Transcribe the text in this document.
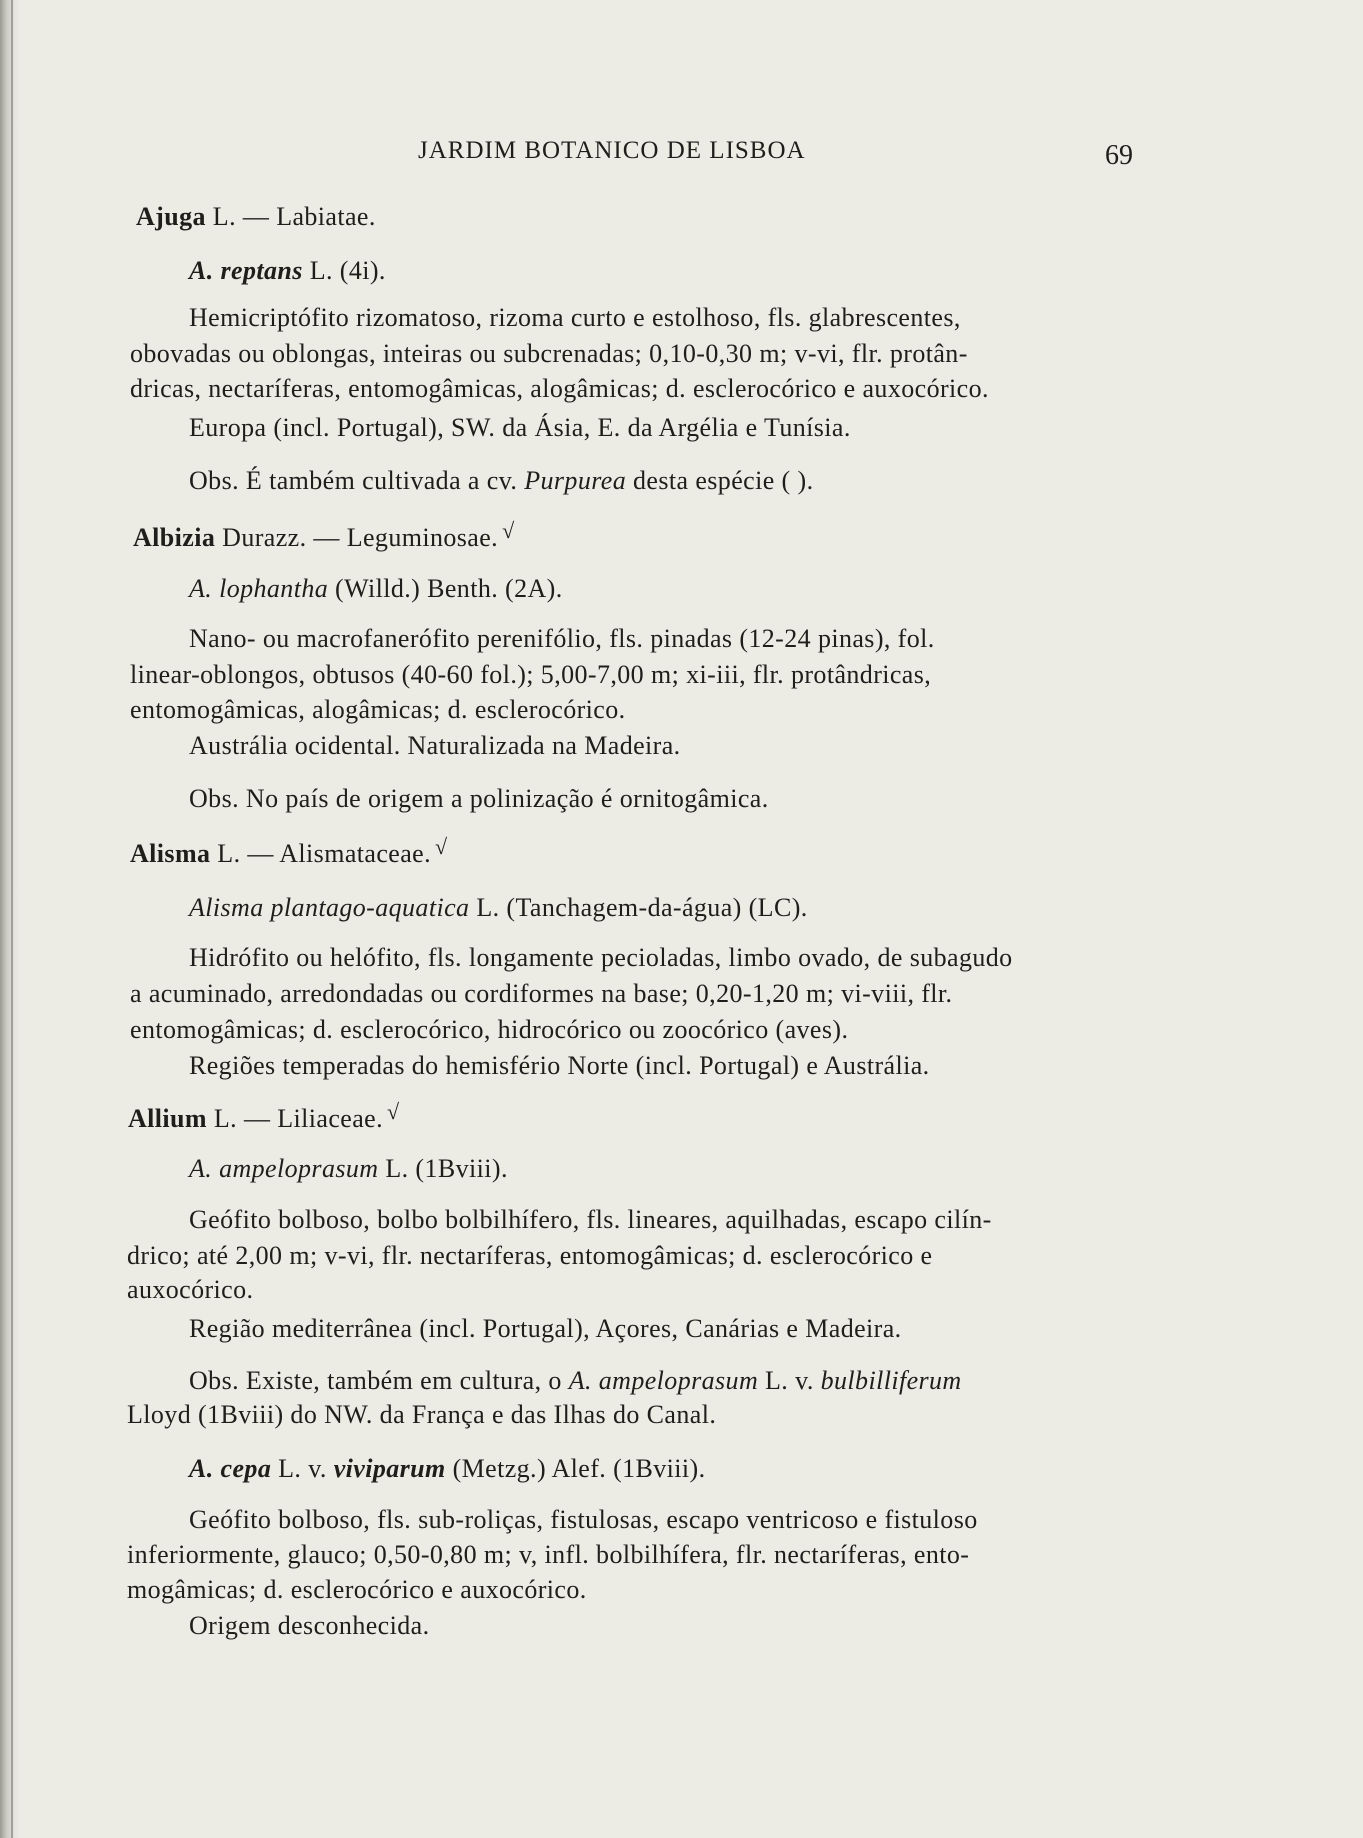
JARDIM BOTANICO DE LISBOA	69
Ajuga L. — Labiatae.
A. reptans L. (4i).
Hemicriptófito rizomatoso, rizoma curto e estolhoso, fls. glabrescentes,
obovadas ou oblongas, inteiras ou subcrenadas; 0,10-0,30 m; v-vi, flr. protân-
dricas, nectaríferas, entomogâmicas, alogâmicas; d. esclerocórico e auxocórico.
Europa (incl. Portugal), SW. da Ásia, E. da Argélia e Tunísia.
Obs. É também cultivada a cv. Purpurea desta espécie ( ).
Albizia Durazz. — Leguminosae. √
A. lophantha (Willd.) Benth. (2A).
Nano- ou macrofanerófito perenifólio, fls. pinadas (12-24 pinas), fol.
linear-oblongos, obtusos (40-60 fol.); 5,00-7,00 m; xi-iii, flr. protândricas,
entomogâmicas, alogâmicas; d. esclerocórico.
Austrália ocidental. Naturalizada na Madeira.
Obs. No país de origem a polinização é ornitogâmica.
Alisma L. — Alismataceae. √
Alisma plantago-aquatica L. (Tanchagem-da-água) (LC).
Hidrófito ou helófito, fls. longamente pecioladas, limbo ovado, de subagudo
a acuminado, arredondadas ou cordiformes na base; 0,20-1,20 m; vi-viii, flr.
entomogâmicas; d. esclerocórico, hidrocórico ou zoocórico (aves).
Regiões temperadas do hemisfério Norte (incl. Portugal) e Austrália.
Allium L. — Liliaceae. √
A. ampeloprasum L. (1Bviii).
Geófito bolboso, bolbo bolbilhífero, fls. lineares, aquilhadas, escapo cilín-
drico; até 2,00 m; v-vi, flr. nectaríferas, entomogâmicas; d. esclerocórico e
auxocórico.
Região mediterrânea (incl. Portugal), Açores, Canárias e Madeira.
Obs. Existe, também em cultura, o A. ampeloprasum L. v. bulbilliferum
Lloyd (1Bviii) do NW. da França e das Ilhas do Canal.
A. cepa L. v. viviparum (Metzg.) Alef. (1Bviii).
Geófito bolboso, fls. sub-roliças, fistulosas, escapo ventricoso e fistuloso
inferiormente, glauco; 0,50-0,80 m; v, infl. bolbilhífera, flr. nectaríferas, ento-
mogâmicas; d. esclerocórico e auxocórico.
Origem desconhecida.
